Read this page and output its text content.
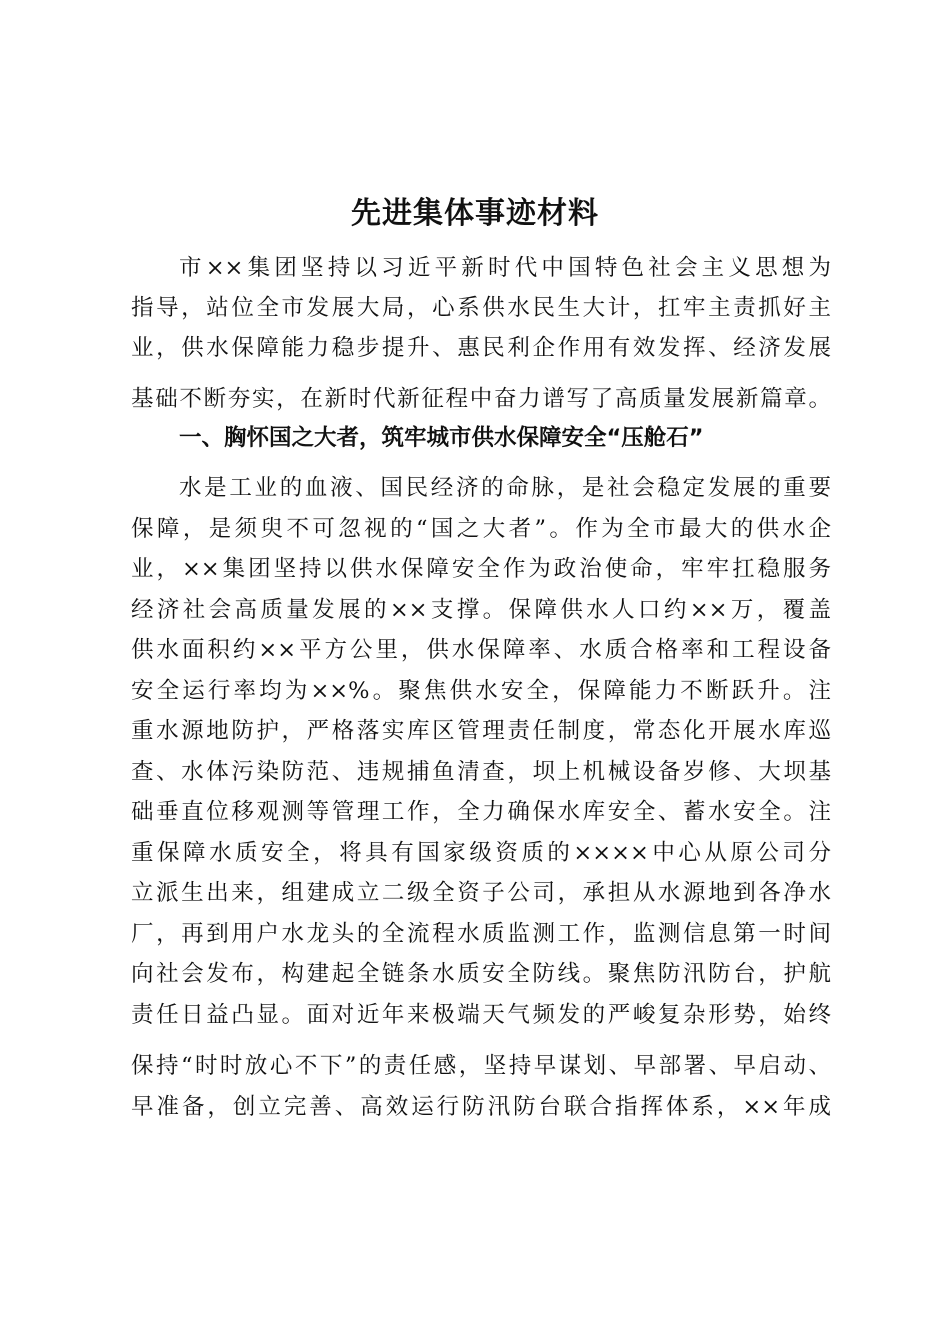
先进集体事迹材料
市××集团坚持以习近平新时代中国特色社会主义思想为
指导，站位全市发展大局，心系供水民生大计，扛牢主责抓好主
业，供水保障能力稳步提升、惠民利企作用有效发挥、经济发展
基础不断夯实，在新时代新征程中奋力谱写了高质量发展新篇章。
一、胸怀国之大者，筑牢城市供水保障安全“压舱石”
水是工业的血液、国民经济的命脉，是社会稳定发展的重要
保障，是须臾不可忽视的“国之大者”。作为全市最大的供水企
业，××集团坚持以供水保障安全作为政治使命，牢牢扛稳服务
经济社会高质量发展的××支撑。保障供水人口约××万，覆盖
供水面积约××平方公里，供水保障率、水质合格率和工程设备
安全运行率均为××%。聚焦供水安全，保障能力不断跃升。注
重水源地防护，严格落实库区管理责任制度，常态化开展水库巡
查、水体污染防范、违规捕鱼清查，坝上机械设备岁修、大坝基
础垂直位移观测等管理工作，全力确保水库安全、蓄水安全。注
重保障水质安全，将具有国家级资质的××××中心从原公司分
立派生出来，组建成立二级全资子公司，承担从水源地到各净水
厂，再到用户水龙头的全流程水质监测工作，监测信息第一时间
向社会发布，构建起全链条水质安全防线。聚焦防汛防台，护航
责任日益凸显。面对近年来极端天气频发的严峻复杂形势，始终
保持“时时放心不下”的责任感，坚持早谋划、早部署、早启动、
早准备，创立完善、高效运行防汛防台联合指挥体系，××年成
